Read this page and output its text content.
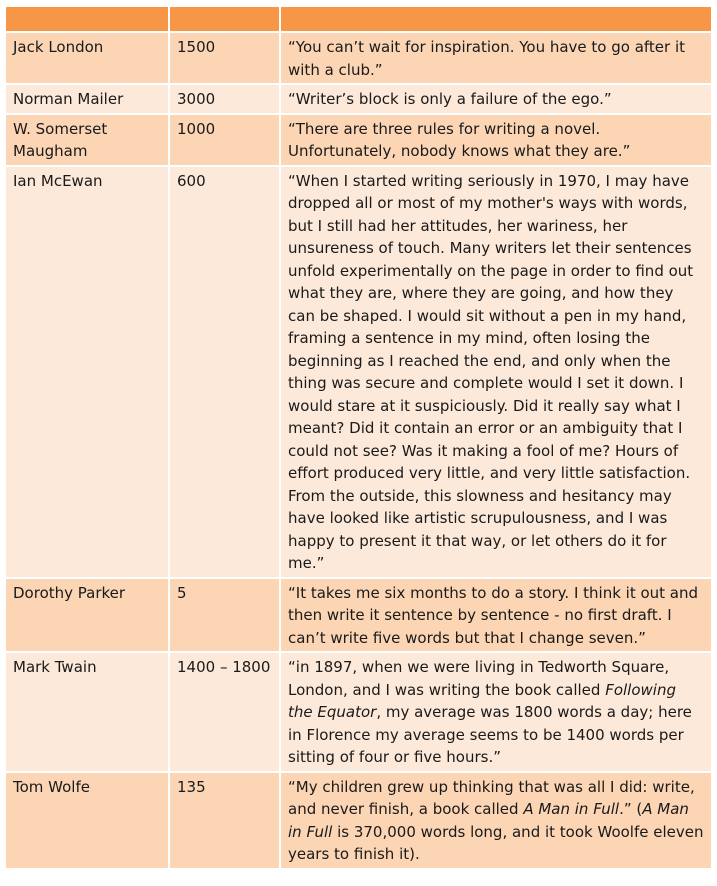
Jack London	1500	“You can’t wait for inspiration. You have to go after it with a club.”
Norman Mailer	3000	“Writer’s block is only a failure of the ego.”
W. Somerset Maugham	1000	“There are three rules for writing a novel. Unfortunately, nobody knows what they are.”
Ian McEwan	600	“When I started writing seriously in 1970, I may have dropped all or most of my mother's ways with words, but I still had her attitudes, her wariness, her unsureness of touch. Many writers let their sentences unfold experimentally on the page in order to find out what they are, where they are going, and how they can be shaped. I would sit without a pen in my hand, framing a sentence in my mind, often losing the beginning as I reached the end, and only when the thing was secure and complete would I set it down. I would stare at it suspiciously. Did it really say what I meant? Did it contain an error or an ambiguity that I could not see? Was it making a fool of me? Hours of effort produced very little, and very little satisfaction. From the outside, this slowness and hesitancy may have looked like artistic scrupulousness, and I was happy to present it that way, or let others do it for me.”
Dorothy Parker	5	“It takes me six months to do a story. I think it out and then write it sentence by sentence - no first draft. I can’t write five words but that I change seven.”
Mark Twain	1400 – 1800	“in 1897, when we were living in Tedworth Square, London, and I was writing the book called Following the Equator, my average was 1800 words a day; here in Florence my average seems to be 1400 words per sitting of four or five hours.”
Tom Wolfe	135	“My children grew up thinking that was all I did: write, and never finish, a book called A Man in Full.” (A Man in Full is 370,000 words long, and it took Woolfe eleven years to finish it).
